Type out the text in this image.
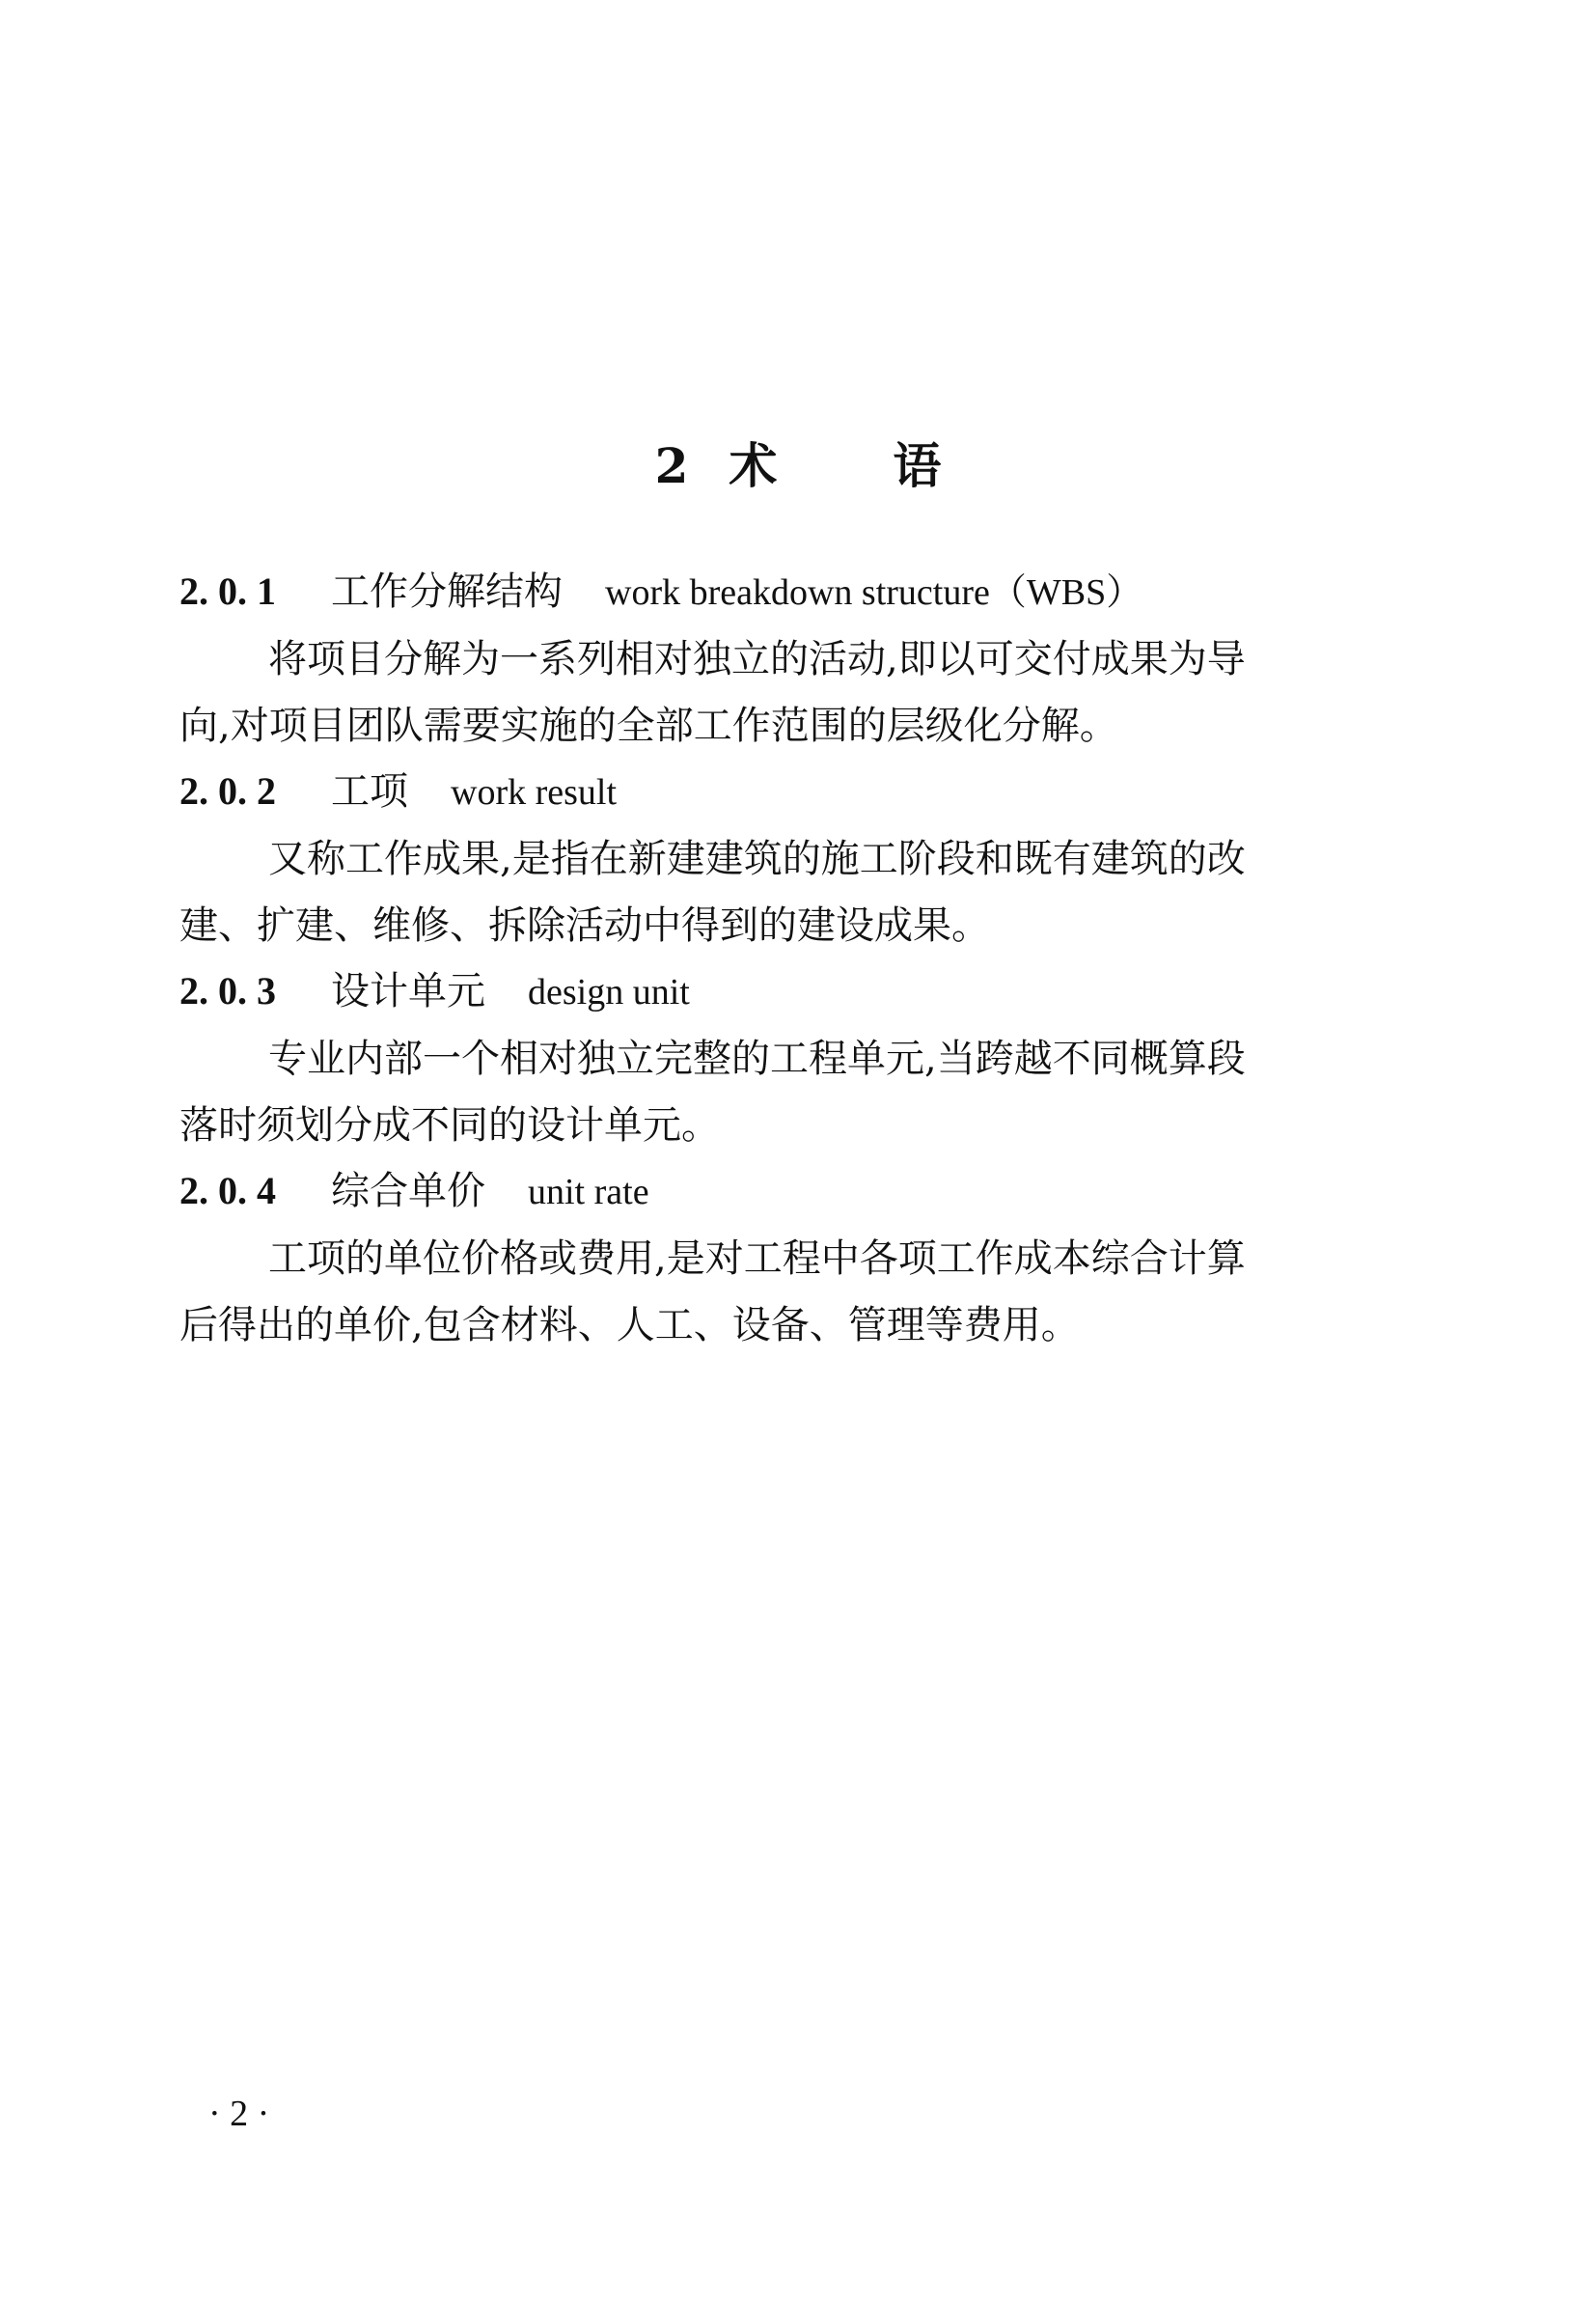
2 术 语

2. 0. 1 工作分解结构 work breakdown structure（WBS）

将项目分解为一系列相对独立的活动,即以可交付成果为导
向,对项目团队需要实施的全部工作范围的层级化分解。

2. 0. 2 工项 work result

又称工作成果,是指在新建建筑的施工阶段和既有建筑的改
建、扩建、维修、拆除活动中得到的建设成果。

2. 0. 3 设计单元 design unit

专业内部一个相对独立完整的工程单元,当跨越不同概算段
落时须划分成不同的设计单元。

2. 0. 4 综合单价 unit rate

工项的单位价格或费用,是对工程中各项工作成本综合计算
后得出的单价,包含材料、人工、设备、管理等费用。

· 2 ·
